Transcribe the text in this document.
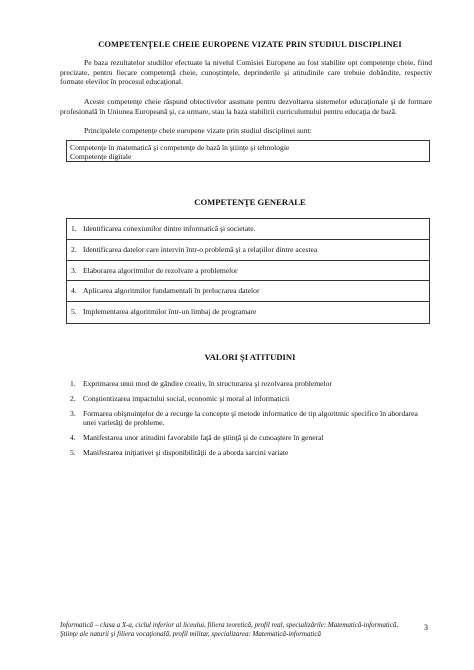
COMPETENŢELE CHEIE EUROPENE VIZATE PRIN STUDIUL DISCIPLINEI
Pe baza rezultatelor studiilor efectuate la nivelul Comisiei Europene au fost stabilite opt competenţe cheie, fiind precizate, pentru fiecare competenţă cheie, cunoştinţele, deprinderile şi atitudinile care trebuie dobândite, respectiv formate elevilor în procesul educaţional.
Aceste competenţe cheie răspund obiectivelor asumate pentru dezvoltarea sistemelor educaţionale şi de formare profesională în Uniunea Europeană şi, ca urmare, stau la baza stabilirii curriculumului pentru educaţia de bază.
Principalele competenţe cheie europene vizate prin studiul disciplinei sunt:
Competenţe în matematică şi competenţe de bază în ştiinţe şi tehnologie
Competenţe digitale
COMPETENŢE GENERALE
1. Identificarea conexiunilor dintre informatică şi societate.
2. Identificarea datelor care intervin într-o problemă şi a relaţiilor dintre acestea
3. Elaborarea algoritmilor de rezolvare a problemelor
4. Aplicarea algoritmilor fundamentali în prelucrarea datelor
5. Implementarea algoritmilor într-un limbaj de programare
VALORI ŞI ATITUDINI
1. Exprimarea unui mod de gândire creativ, în structurarea şi rezolvarea problemelor
2. Conştientizarea impactului social, economic şi moral al informaticii
3. Formarea obişnuinţelor de a recurge la concepte şi metode informatice de tip algoritmic specifice în abordarea unei varietăţi de probleme.
4. Manifestarea unor atitudini favorabile faţă de ştiinţă şi de cunoaştere în general
5. Manifestarea iniţiativei şi disponibilităţii de a aborda sarcini variate
Informatică – clasa a X-a, ciclul inferior al liceului, filiera teoretică, profil real, specializările: Matematică-informatică, Ştiinţe ale naturii şi filiera vocaţională, profil militar, specializarea: Matematică-informatică
3
